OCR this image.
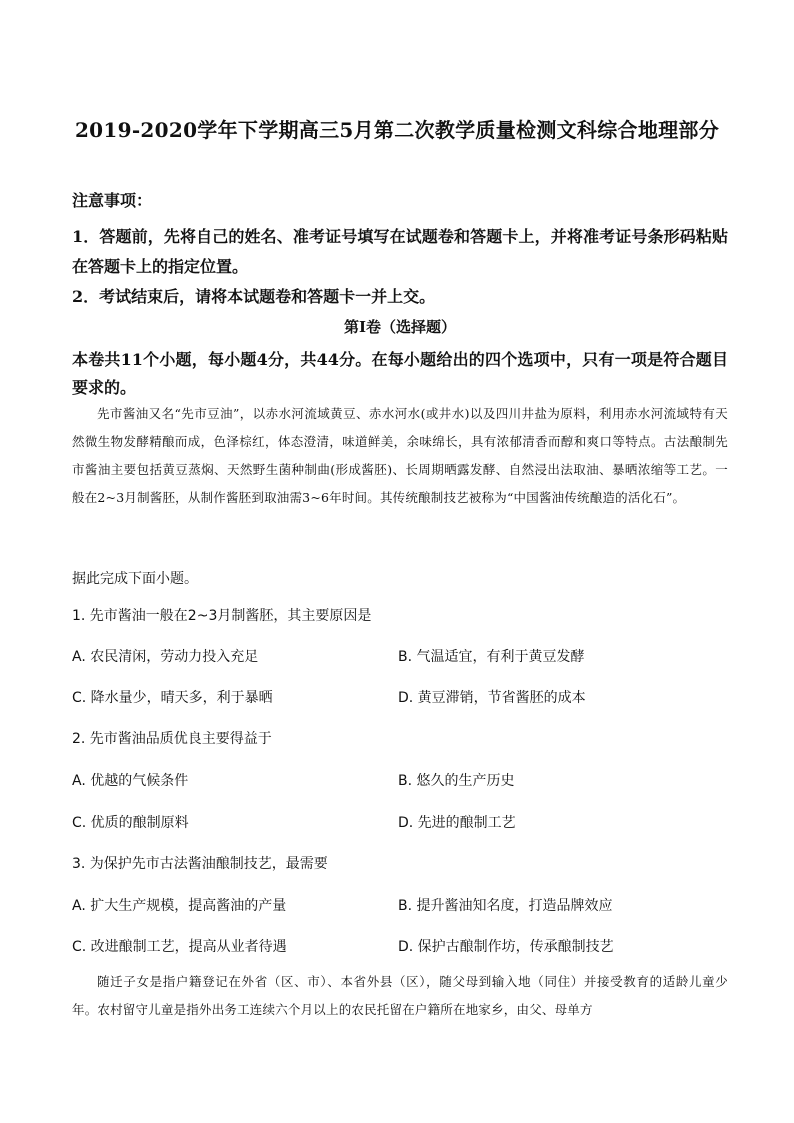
2019-2020学年下学期高三5月第二次教学质量检测文科综合地理部分
注意事项：
1．答题前，先将自己的姓名、准考证号填写在试题卷和答题卡上，并将准考证号条形码粘贴在答题卡上的指定位置。
2．考试结束后，请将本试题卷和答题卡一并上交。
第Ⅰ卷（选择题）
本卷共11个小题，每小题4分，共44分。在每小题给出的四个选项中，只有一项是符合题目要求的。
先市酱油又名“先市豆油”，以赤水河流域黄豆、赤水河水(或井水)以及四川井盐为原料，利用赤水河流域特有天然微生物发酵精酿而成，色泽棕红，体态澄清，味道鲜美，余味绵长，具有浓郁清香而醇和爽口等特点。古法酿制先市酱油主要包括黄豆蒸焖、天然野生菌种制曲(形成酱胚)、长周期晒露发酵、自然浸出法取油、暴晒浓缩等工艺。一般在2~3月制酱胚，从制作酱胚到取油需3~6年时间。其传统酿制技艺被称为“中国酱油传统酿造的活化石”。
据此完成下面小题。
1. 先市酱油一般在2~3月制酱胚，其主要原因是
A. 农民清闲，劳动力投入充足	B. 气温适宜，有利于黄豆发酵
C. 降水量少，晴天多，利于暴晒	D. 黄豆滞销，节省酱胚的成本
2. 先市酱油品质优良主要得益于
A. 优越的气候条件	B. 悠久的生产历史
C. 优质的酿制原料	D. 先进的酿制工艺
3. 为保护先市古法酱油酿制技艺，最需要
A. 扩大生产规模，提高酱油的产量	B. 提升酱油知名度，打造品牌效应
C. 改进酿制工艺，提高从业者待遇	D. 保护古酿制作坊，传承酿制技艺
随迁子女是指户籍登记在外省（区、市）、本省外县（区），随父母到输入地（同住）并接受教育的适龄儿童少年。农村留守儿童是指外出务工连续六个月以上的农民托留在户籍所在地家乡，由父、母单方
